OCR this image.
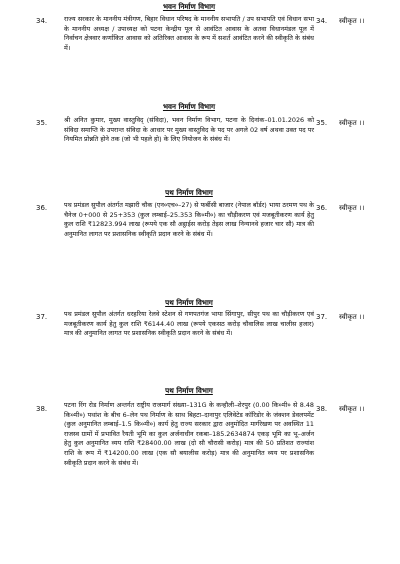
भवन निर्माण विभाग
34.	राज्य सरकार के माननीय मंत्रीगण, बिहार विधान परिषद के माननीय सभापति / उप सभापति एवं विधान सभा के माननीय अध्यक्ष / उपाध्यक्ष को पटना केन्द्रीय पूल से आवंटित आवास के अतवा विधानमंडल पूल में निर्वाचन क्षेत्रवार कर्णाकित आवास को अतिरिक्त आवास के रूप में सशर्त आवंटित करने की स्वीकृति के संबंध में।
34. स्वीकृत ।।
भवन निर्माण विभाग
35.	श्री अनित कुमार, मुख्य वास्तुविद् (संविदा), भवन निर्माण विभाग, पटना के दिनांक–01.01.2026 को संविदा समाप्ति के उपरान्त संविदा के आधार पर मुख्य वास्तुविद के पद पर अगले 02 वर्ष अथवा उक्त पद पर नियमित प्रोन्नति होने तक (जो भी पहले हो) के लिए नियोजन के संबंध में।
35. स्वीकृत ।।
पथ निर्माण विभाग
36.	पथ प्रमंडल सुपौल अंतर्गत मझारी चौक (एन०एच०–27) से फर्बीसी बाजार (नेपाल बॉर्डर) भाया ठरमण पथ के चैनेज 0+000 से 25+353 (कुल लम्बाई–25.353 कि०मी०) का चौड़ीकरण एवं मजबूतीकरण कार्य हेतु कुल राशि ₹12823.994 लाख (रूपये एक सौ अट्ठाईस करोड़ तेइस लाख निन्यानवे हजार चार सौ) मात्र की अनुमानित लागत पर प्रशासनिक स्वीकृति प्रदान करने के संबंध में।
36. स्वीकृत ।।
पथ निर्माण विभाग
37.	पथ प्रमंडल सुपौल अंतर्गत धरहरिया रेलवे स्टेशन से गणपतगंज भाया सिंगापुर, सीपुर पथ का चौड़ीकरण एवं मजबूतीकरण कार्य हेतु कुल राशि ₹6144.40 लाख (रूपये एकसठ करोड़ चौवालिस लाख चालीस हजार) मात्र की अनुमानित लागत पर प्रशासनिक स्वीकृति प्रदान करने के संबंध में।
37. स्वीकृत ।।
पथ निर्माण विभाग
38.	पटना रिंग रोड निर्माण अन्तर्गत राष्ट्रीय राजमार्ग संख्या–131G के कन्हौली–शेरपुर (0.00 कि०मी० से 8.48 कि०मी०) पथांश के बीच 6–लेन पथ निर्माण के साथ बिहटा–दानापुर एलिवेटेड कॉरिडोर के जंक्शन डेवलपमेंट (कुल अनुमानित लम्बाई–1.5 कि०मी०) कार्य हेतु राज्य सरकार द्वारा अनुमोदित मार्गरेखण पर अवस्थित 11 राजस्व ग्रामों में प्रभावित रैयती भूमि का कुल अर्जनाधीन रकबा–185.2634874 एकड़ भूमि का भू–अर्जन हेतु कुल अनुमानित व्यय राशि ₹28400.00 लाख (दो सौ चौरासी करोड़) मात्र की 50 प्रतिशत राज्यांश राशि के रूप में ₹14200.00 लाख (एक सौ बयालीस करोड़) मात्र की अनुमानित व्यय पर प्रशासनिक स्वीकृति प्रदान करने के संबंध में।
38. स्वीकृत ।।
